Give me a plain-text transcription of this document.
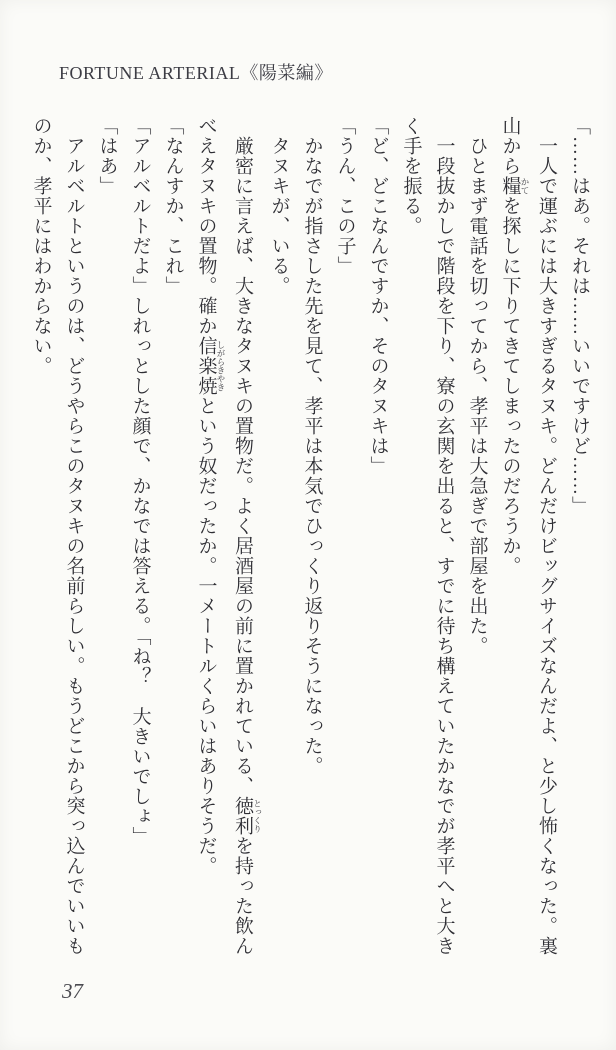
FORTUNE ARTERIAL《陽菜編》

「……はあ。それは……いいですけど……」

　一人で運ぶには大きすぎるタヌキ。どんだけビッグサイズなんだよ、と少し怖くなった。裏

山から糧 かてを探しに下りてきてしまったのだろうか。

　ひとまず電話を切ってから、孝平は大急ぎで部屋を出た。

　一段抜かしで階段を下り、寮の玄関を出ると、すでに待ち構えていたかなでが孝平へと大き

く手を振る。

「ど、どこなんですか、そのタヌキは」

「うん、この子」

　かなでが指さした先を見て、孝平は本気でひっくり返りそうになった。

　タヌキが、いる。

　厳密に言えば、大きなタヌキの置物だ。よく居酒屋の前に置かれている、徳利 とっくりを持った飲ん

べえタヌキの置物。確か信楽焼 しがらきやきという奴だったか。一メートルくらいはありそうだ。

「なんすか、これ」

「アルベルトだよ」しれっとした顔で、かなでは答える。「ね？　大きいでしょ」

「はあ」

　アルベルトというのは、どうやらこのタヌキの名前らしい。もうどこから突っ込んでいいも

のか、孝平にはわからない。

37
